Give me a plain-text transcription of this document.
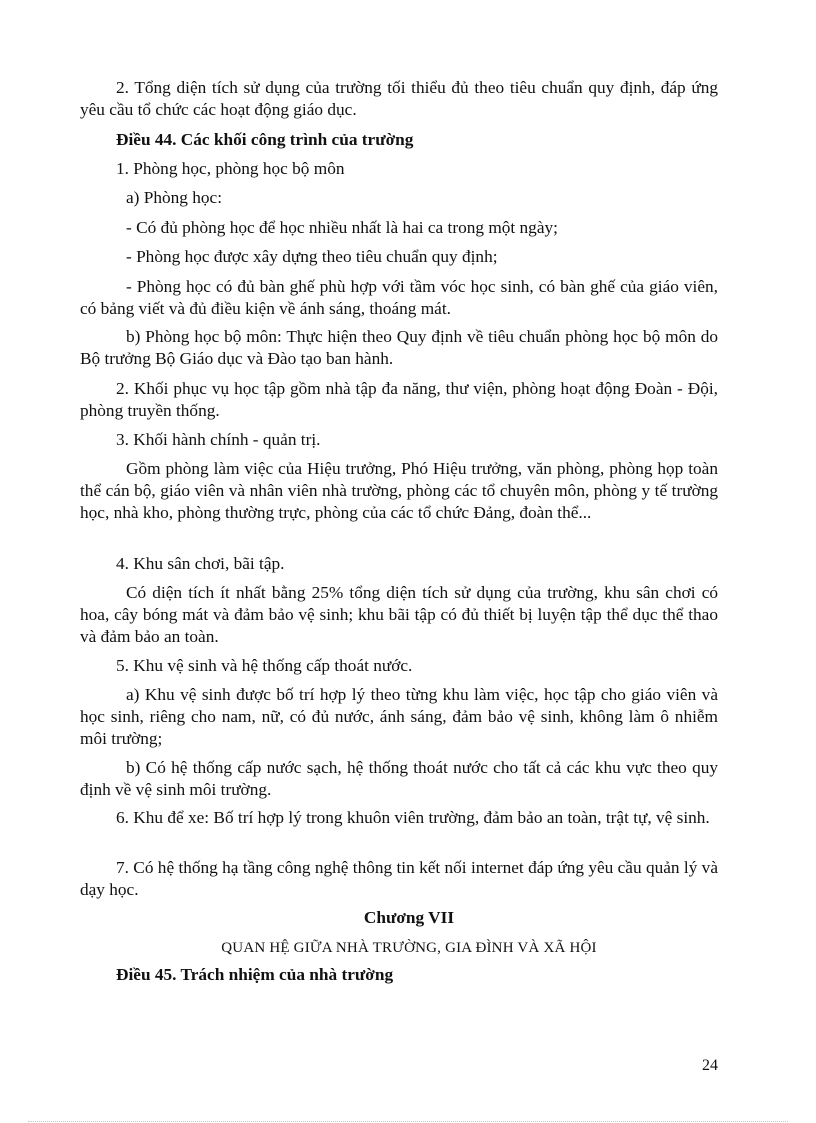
2. Tổng diện tích sử dụng của trường tối thiểu đủ theo tiêu chuẩn quy định, đáp ứng yêu cầu tổ chức các hoạt động giáo dục.

Điều 44. Các khối công trình của trường

1. Phòng học, phòng học bộ môn

a) Phòng học:

- Có đủ phòng học để học nhiều nhất là hai ca trong một ngày;

- Phòng học được xây dựng theo tiêu chuẩn quy định;

- Phòng học có đủ bàn ghế phù hợp với tầm vóc học sinh, có bàn ghế của giáo viên, có bảng viết và đủ điều kiện về ánh sáng, thoáng mát.

b) Phòng học bộ môn: Thực hiện theo Quy định về tiêu chuẩn phòng học bộ môn do Bộ trưởng Bộ Giáo dục và Đào tạo ban hành.

2. Khối phục vụ học tập gồm nhà tập đa năng, thư viện, phòng hoạt động Đoàn - Đội, phòng truyền thống.

3. Khối hành chính - quản trị.

Gồm phòng làm việc của Hiệu trưởng, Phó Hiệu trưởng, văn phòng, phòng họp toàn thể cán bộ, giáo viên và nhân viên nhà trường, phòng các tổ chuyên môn, phòng y tế trường học, nhà kho, phòng thường trực, phòng của các tổ chức Đảng, đoàn thể...

4. Khu sân chơi, bãi tập.

Có diện tích ít nhất bằng 25% tổng diện tích sử dụng của trường, khu sân chơi có hoa, cây bóng mát và đảm bảo vệ sinh; khu bãi tập có đủ thiết bị luyện tập thể dục thể thao và đảm bảo an toàn.

5. Khu vệ sinh và hệ thống cấp thoát nước.

a) Khu vệ sinh được bố trí hợp lý theo từng khu làm việc, học tập cho giáo viên và học sinh, riêng cho nam, nữ, có đủ nước, ánh sáng, đảm bảo vệ sinh, không làm ô nhiễm môi trường;

b) Có hệ thống cấp nước sạch, hệ thống thoát nước cho tất cả các khu vực theo quy định về vệ sinh môi trường.

6. Khu để xe: Bố trí hợp lý trong khuôn viên trường, đảm bảo an toàn, trật tự, vệ sinh.

7. Có hệ thống hạ tầng công nghệ thông tin kết nối internet đáp ứng yêu cầu quản lý và dạy học.

Chương VII

QUAN HỆ GIỮA NHÀ TRƯỜNG, GIA ĐÌNH VÀ XÃ HỘI

Điều 45. Trách nhiệm của nhà trường

24
